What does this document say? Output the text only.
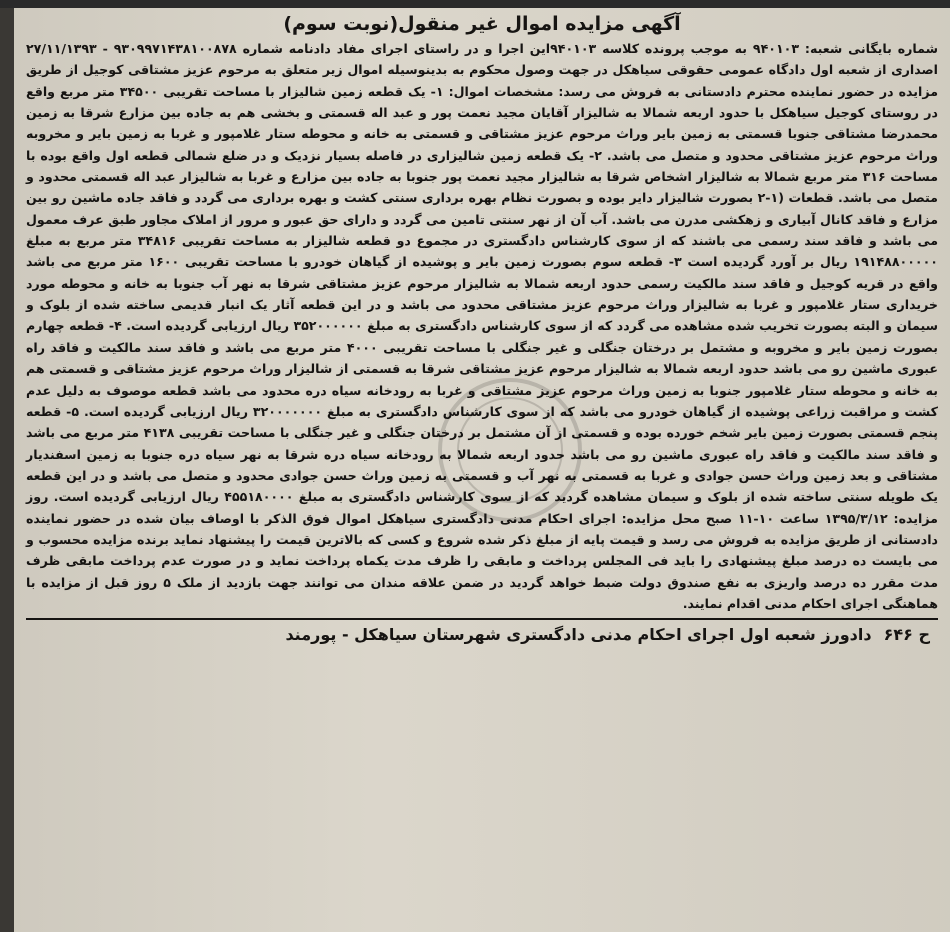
آگهی مزایده اموال غیر منقول(نوبت سوم)

شماره بایگانی شعبه: ۹۴۰۱۰۳ به موجب پرونده کلاسه ۹۴۰۱۰۳این اجرا و در راستای اجرای مفاد دادنامه شماره ۹۳۰۹۹۷۱۴۳۸۱۰۰۸۷۸ - ۲۷/۱۱/۱۳۹۳ اصداری از شعبه اول دادگاه عمومی حقوقی سیاهکل در جهت وصول محکوم به بدینوسیله اموال زیر متعلق به مرحوم عزیز مشتاقی کوجیل از طریق مزایده در حضور نماینده محترم دادستانی به فروش می رسد: مشخصات اموال: ۱- یک قطعه زمین شالیزار با مساحت تقریبی ۳۴۵۰۰ متر مربع واقع در روستای کوجیل سیاهکل با حدود اربعه شمالا به شالیزار آقایان مجید نعمت پور و عبد اله قسمتی و بخشی هم به جاده بین مزارع شرقا به زمین محمدرضا مشتاقی جنوبا قسمتی به زمین بایر وراث مرحوم عزیز مشتاقی و قسمتی به خانه و محوطه ستار غلامپور و غربا به زمین بایر و مخروبه وراث مرحوم عزیز مشتاقی محدود و متصل می باشد. ۲- یک قطعه زمین شالیزاری در فاصله بسیار نزدیک و در ضلع شمالی قطعه اول واقع بوده با مساحت ۳۱۶ متر مربع شمالا به شالیزار اشخاص شرقا به شالیزار مجید نعمت پور جنوبا به جاده بین مزارع و غربا به شالیزار عبد اله قسمتی محدود و متصل می باشد. قطعات (۱-۲ بصورت شالیزار دایر بوده و بصورت نظام بهره برداری سنتی کشت و بهره برداری می گردد و فاقد جاده ماشین رو بین مزارع و فاقد کانال آبیاری و زهکشی مدرن می باشد. آب آن از نهر سنتی تامین می گردد و دارای حق عبور و مرور از املاک مجاور طبق عرف معمول می باشد و فاقد سند رسمی می باشند که از سوی کارشناس دادگستری در مجموع دو قطعه شالیزار به مساحت تقریبی ۳۴۸۱۶ متر مربع به مبلغ ۱۹۱۴۸۸۰۰۰۰۰ ریال بر آورد گردیده است ۳- قطعه سوم بصورت زمین بایر و پوشیده از گیاهان خودرو با مساحت تقریبی ۱۶۰۰ متر مربع می باشد واقع در قریه کوجیل و فاقد سند مالکیت رسمی حدود اربعه شمالا به شالیزار مرحوم عزیز مشتاقی شرقا به نهر آب جنوبا به خانه و محوطه مورد خریداری ستار غلامپور و غربا به شالیزار وراث مرحوم عزیز مشتاقی محدود می باشد و در این قطعه آثار یک انبار قدیمی ساخته شده از بلوک و سیمان و البته بصورت تخریب شده مشاهده می گردد که از سوی کارشناس دادگستری به مبلغ ۳۵۲۰۰۰۰۰۰ ریال ارزیابی گردیده است. ۴- قطعه چهارم بصورت زمین بایر و مخروبه و مشتمل بر درختان جنگلی و غیر جنگلی با مساحت تقریبی ۴۰۰۰ متر مربع می باشد و فاقد سند مالکیت و فاقد راه عبوری ماشین رو می باشد حدود اربعه شمالا به شالیزار مرحوم عزیز مشتاقی شرقا به قسمتی از شالیزار وراث مرحوم عزیز مشتاقی و قسمتی هم به خانه و محوطه ستار غلامپور جنوبا به زمین وراث مرحوم عزیز مشتاقی و غربا به رودخانه سیاه دره محدود می باشد قطعه موصوف به دلیل عدم کشت و مراقبت زراعی پوشیده از گیاهان خودرو می باشد که از سوی کارشناس دادگستری به مبلغ ۳۲۰۰۰۰۰۰۰ ریال ارزیابی گردیده است. ۵- قطعه پنجم قسمتی بصورت زمین بایر شخم خورده بوده و قسمتی از آن مشتمل بر درختان جنگلی و غیر جنگلی با مساحت تقریبی ۴۱۳۸ متر مربع می باشد و فاقد سند مالکیت و فاقد راه عبوری ماشین رو می باشد حدود اربعه شمالا به رودخانه سیاه دره شرقا به نهر سیاه دره جنوبا به زمین اسفندیار مشتاقی و بعد زمین وراث حسن جوادی و غربا به قسمتی به نهر آب و قسمتی به زمین وراث حسن جوادی محدود و متصل می باشد و در این قطعه یک طویله سنتی ساخته شده از بلوک و سیمان مشاهده گردید که از سوی کارشناس دادگستری به مبلغ ۴۵۵۱۸۰۰۰۰ ریال ارزیابی گردیده است. روز مزایده: ۱۳۹۵/۳/۱۲ ساعت ۱۰-۱۱ صبح محل مزایده: اجرای احکام مدنی دادگستری سیاهکل اموال فوق الذکر با اوصاف بیان شده در حضور نماینده دادستانی از طریق مزایده به فروش می رسد و قیمت پایه از مبلغ ذکر شده شروع و کسی که بالاترین قیمت را پیشنهاد نماید برنده مزایده محسوب و می بایست ده درصد مبلغ پیشنهادی را باید فی المجلس پرداخت و مابقی را ظرف مدت یکماه پرداخت نماید و در صورت عدم پرداخت مابقی ظرف مدت مقرر ده درصد واریزی به نفع صندوق دولت ضبط خواهد گردید در ضمن علاقه مندان می توانند جهت بازدید از ملک ۵ روز قبل از مزایده با هماهنگی اجرای احکام مدنی اقدام نمایند.

ح ۶۴۶
دادورز شعبه اول اجرای احکام مدنی دادگستری شهرستان سیاهکل - پورمند
